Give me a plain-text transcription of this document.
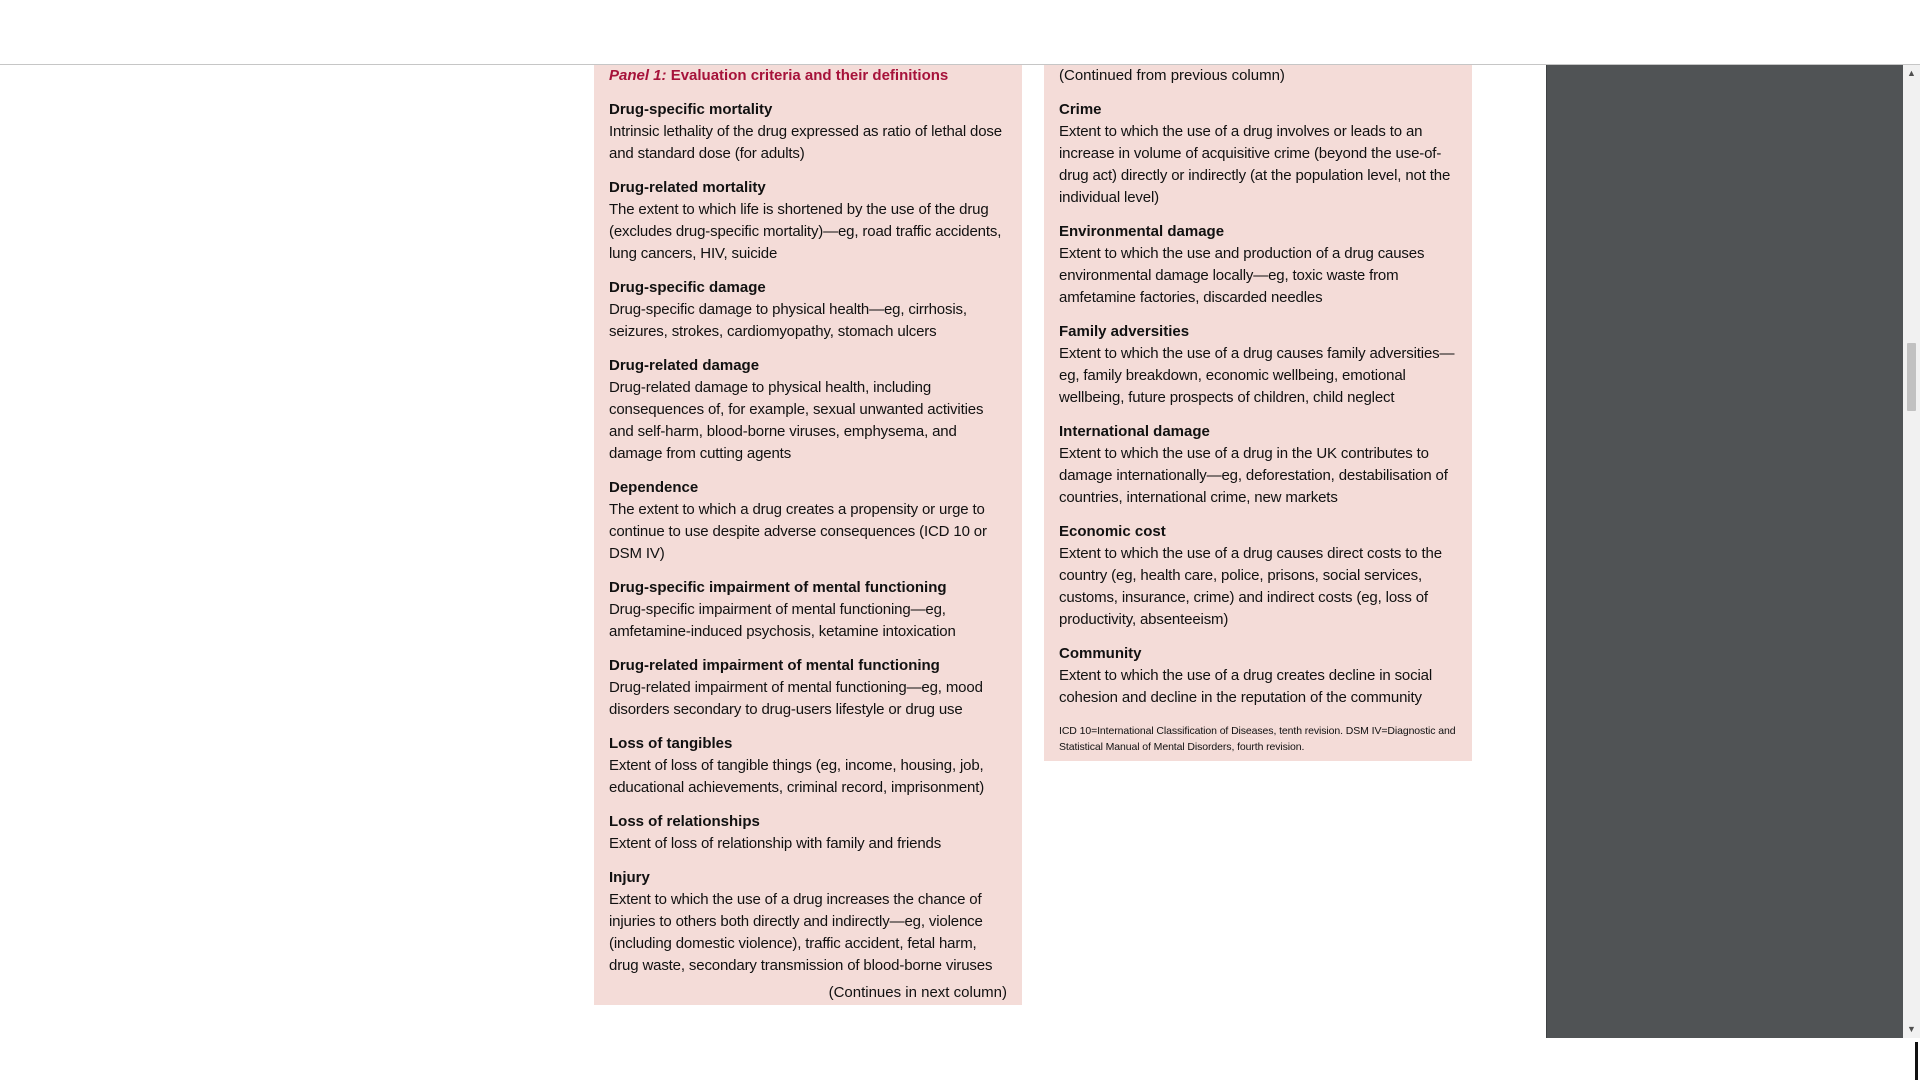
Panel 1: Evaluation criteria and their definitions
Drug-specific mortality
Intrinsic lethality of the drug expressed as ratio of lethal dose and standard dose (for adults)
Drug-related mortality
The extent to which life is shortened by the use of the drug (excludes drug-specific mortality)—eg, road traffic accidents, lung cancers, HIV, suicide
Drug-specific damage
Drug-specific damage to physical health—eg, cirrhosis, seizures, strokes, cardiomyopathy, stomach ulcers
Drug-related damage
Drug-related damage to physical health, including consequences of, for example, sexual unwanted activities and self-harm, blood-borne viruses, emphysema, and damage from cutting agents
Dependence
The extent to which a drug creates a propensity or urge to continue to use despite adverse consequences (ICD 10 or DSM IV)
Drug-specific impairment of mental functioning
Drug-specific impairment of mental functioning—eg, amfetamine-induced psychosis, ketamine intoxication
Drug-related impairment of mental functioning
Drug-related impairment of mental functioning—eg, mood disorders secondary to drug-users lifestyle or drug use
Loss of tangibles
Extent of loss of tangible things (eg, income, housing, job, educational achievements, criminal record, imprisonment)
Loss of relationships
Extent of loss of relationship with family and friends
Injury
Extent to which the use of a drug increases the chance of injuries to others both directly and indirectly—eg, violence (including domestic violence), traffic accident, fetal harm, drug waste, secondary transmission of blood-borne viruses
(Continues in next column)
(Continued from previous column)
Crime
Extent to which the use of a drug involves or leads to an increase in volume of acquisitive crime (beyond the use-of-drug act) directly or indirectly (at the population level, not the individual level)
Environmental damage
Extent to which the use and production of a drug causes environmental damage locally—eg, toxic waste from amfetamine factories, discarded needles
Family adversities
Extent to which the use of a drug causes family adversities—eg, family breakdown, economic wellbeing, emotional wellbeing, future prospects of children, child neglect
International damage
Extent to which the use of a drug in the UK contributes to damage internationally—eg, deforestation, destabilisation of countries, international crime, new markets
Economic cost
Extent to which the use of a drug causes direct costs to the country (eg, health care, police, prisons, social services, customs, insurance, crime) and indirect costs (eg, loss of productivity, absenteeism)
Community
Extent to which the use of a drug creates decline in social cohesion and decline in the reputation of the community
ICD 10=International Classification of Diseases, tenth revision. DSM IV=Diagnostic and Statistical Manual of Mental Disorders, fourth revision.
▲
▼
